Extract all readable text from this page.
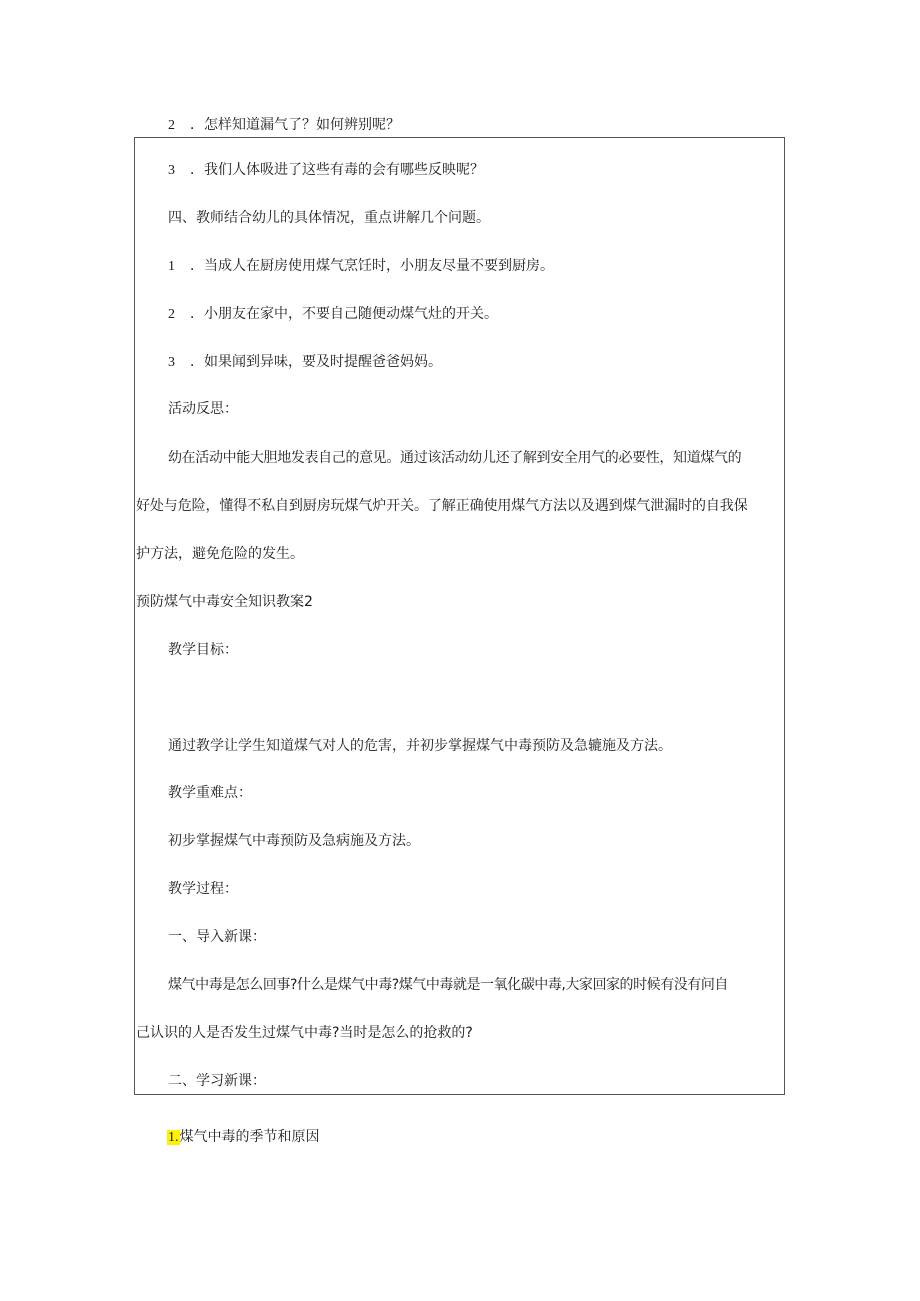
2 ．怎样知道漏气了？如何辨别呢？
3 ．我们人体吸进了这些有毒的会有哪些反映呢？
四、教师结合幼儿的具体情况，重点讲解几个问题。
1 ．当成人在厨房使用煤气烹饪时，小朋友尽量不要到厨房。
2 ．小朋友在家中，不要自己随便动煤气灶的开关。
3 ．如果闻到异味，要及时提醒爸爸妈妈。
活动反思：
幼在活动中能大胆地发表自己的意见。通过该活动幼儿还了解到安全用气的必要性，知道煤气的
好处与危险，懂得不私自到厨房玩煤气炉开关。了解正确使用煤气方法以及遇到煤气泄漏时的自我保
护方法，避免危险的发生。
预防煤气中毒安全知识教案2
教学目标：
通过教学让学生知道煤气对人的危害，并初步掌握煤气中毒预防及急辘施及方法。
教学重难点：
初步掌握煤气中毒预防及急病施及方法。
教学过程：
一、导入新课：
煤气中毒是怎么回事?什么是煤气中毒?煤气中毒就是一氧化碳中毒,大家回家的时候有没有问自
己认识的人是否发生过煤气中毒?当时是怎么的抢救的?
二、学习新课：
1.煤气中毒的季节和原因
